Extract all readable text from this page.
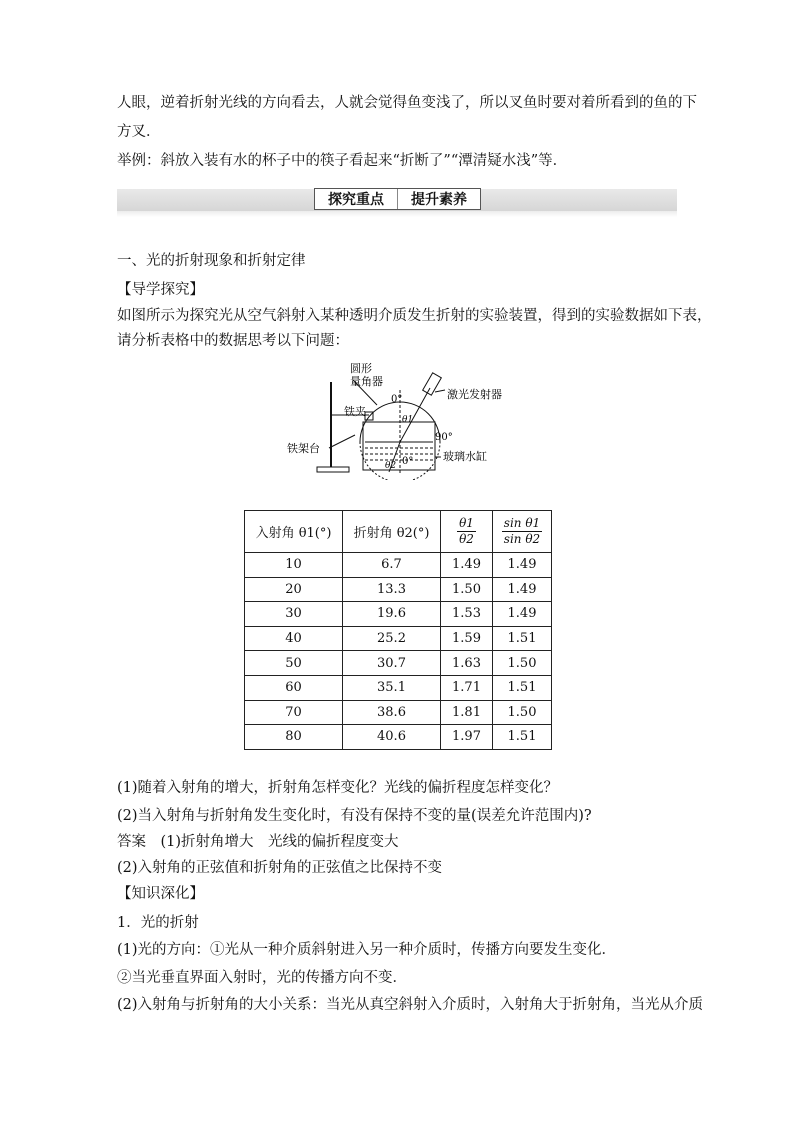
人眼，逆着折射光线的方向看去，人就会觉得鱼变浅了，所以叉鱼时要对着所看到的鱼的下
方叉．
举例：斜放入装有水的杯子中的筷子看起来“折断了”“潭清疑水浅”等．
探究重点	提升素养
一、光的折射现象和折射定律
【导学探究】
如图所示为探究光从空气斜射入某种透明介质发生折射的实验装置，得到的实验数据如下表，
请分析表格中的数据思考以下问题：
圆形
量角器
激光发射器
铁夹
铁架台
玻璃水缸
0°
90°
0°
θ1
θ2
入射角 θ1(°)	折射角 θ2(°)	$\frac{\theta 1}{\theta 2}$	$\frac{\text{sin θ1}}{\text{sin θ2}}$

10	6.7	1.49	1.49
20	13.3	1.50	1.49
30	19.6	1.53	1.49
40	25.2	1.59	1.51
50	30.7	1.63	1.50
60	35.1	1.71	1.51
70	38.6	1.81	1.50
80	40.6	1.97	1.51
(1)随着入射角的增大，折射角怎样变化？光线的偏折程度怎样变化？
(2)当入射角与折射角发生变化时，有没有保持不变的量(误差允许范围内)?
答案　(1)折射角增大　光线的偏折程度变大
(2)入射角的正弦值和折射角的正弦值之比保持不变
【知识深化】
1．光的折射
(1)光的方向：①光从一种介质斜射进入另一种介质时，传播方向要发生变化．
②当光垂直界面入射时，光的传播方向不变．
(2)入射角与折射角的大小关系：当光从真空斜射入介质时，入射角大于折射角，当光从介质
